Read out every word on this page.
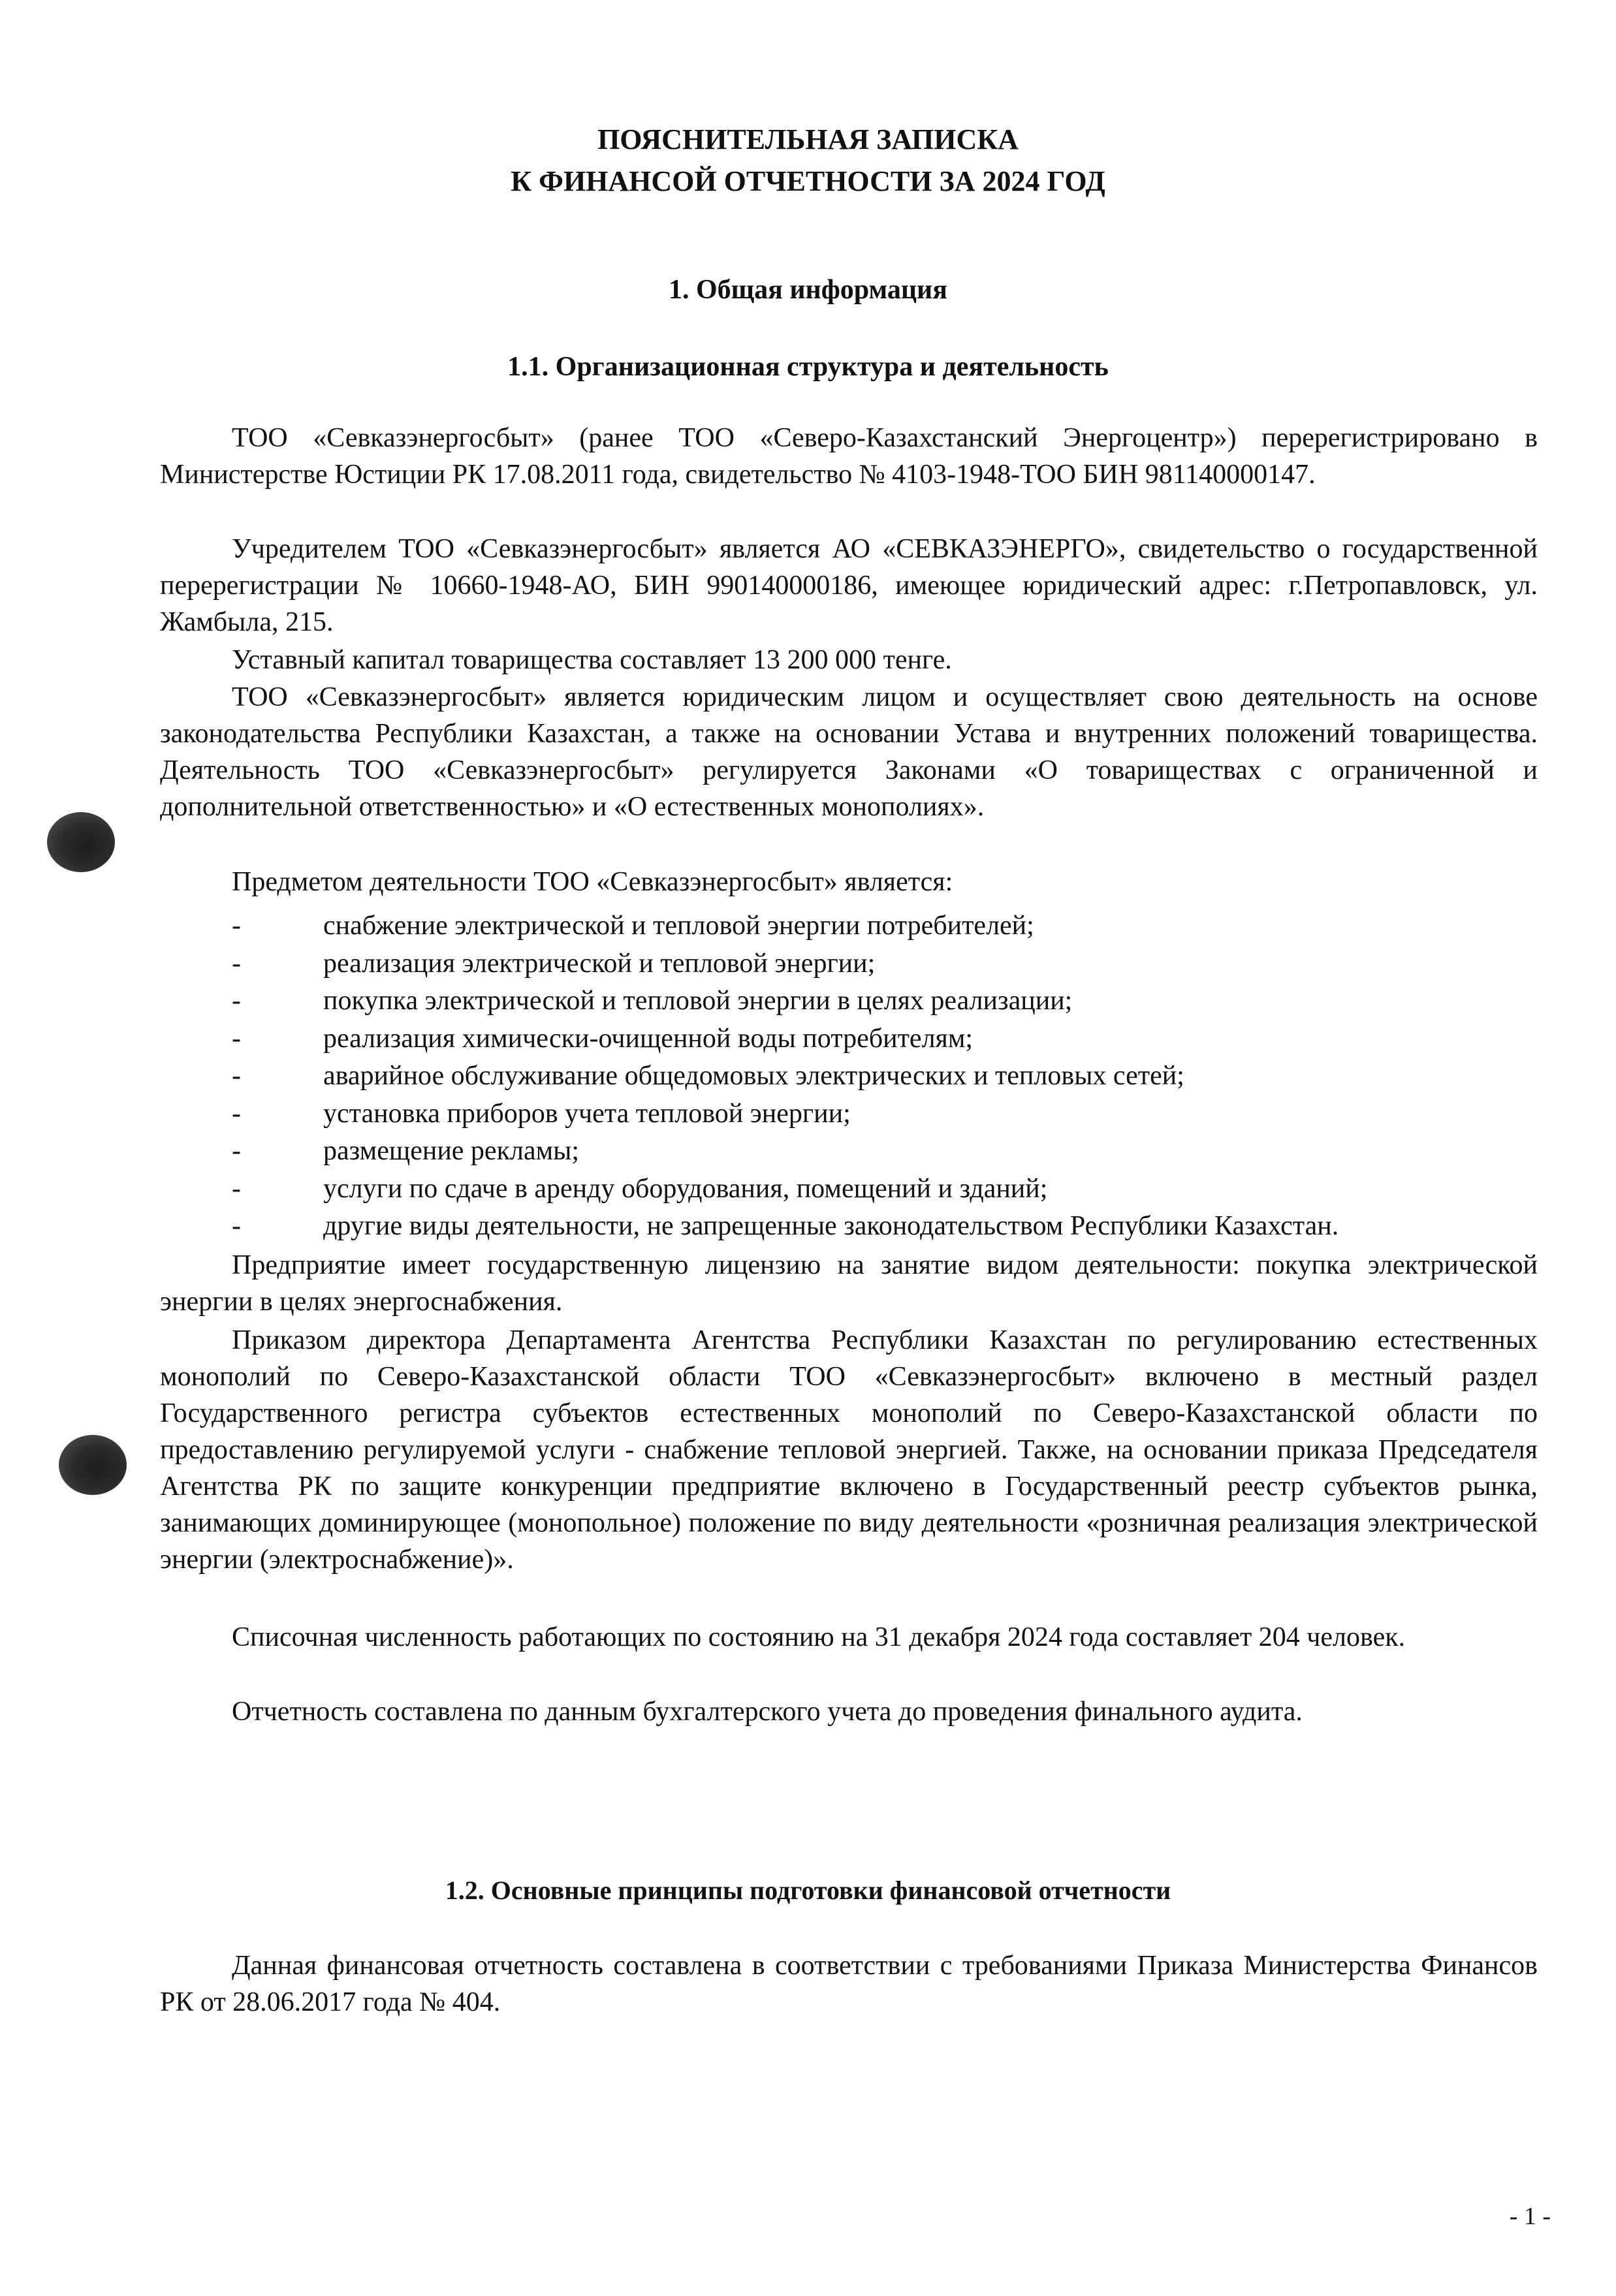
ПОЯСНИТЕЛЬНАЯ ЗАПИСКА
К ФИНАНСОЙ ОТЧЕТНОСТИ ЗА 2024 ГОД
1. Общая информация
1.1. Организационная структура и деятельность

ТОО «Севказэнергосбыт» (ранее ТОО «Северо-Казахстанский Энергоцентр») перерегистрировано в Министерстве Юстиции РК 17.08.2011 года, свидетельство № 4103-1948-ТОО БИН 981140000147.

Учредителем ТОО «Севказэнергосбыт» является АО «СЕВКАЗЭНЕРГО», свидетельство о государственной перерегистрации № 10660-1948-АО, БИН 990140000186, имеющее юридический адрес: г.Петропавловск, ул. Жамбыла, 215.

Уставный капитал товарищества составляет 13 200 000 тенге.

ТОО «Севказэнергосбыт» является юридическим лицом и осуществляет свою деятельность на основе законодательства Республики Казахстан, а также на основании Устава и внутренних положений товарищества. Деятельность ТОО «Севказэнергосбыт» регулируется Законами «О товариществах с ограниченной и дополнительной ответственностью» и «О естественных монополиях».

Предметом деятельности ТОО «Севказэнергосбыт» является:
-	снабжение электрической и тепловой энергии потребителей;
-	реализация электрической и тепловой энергии;
-	покупка электрической и тепловой энергии в целях реализации;
-	реализация химически-очищенной воды потребителям;
-	аварийное обслуживание общедомовых электрических и тепловых сетей;
-	установка приборов учета тепловой энергии;
-	размещение рекламы;
-	услуги по сдаче в аренду оборудования, помещений и зданий;
-	другие виды деятельности, не запрещенные законодательством Республики Казахстан.

Предприятие имеет государственную лицензию на занятие видом деятельности: покупка электрической энергии в целях энергоснабжения.

Приказом директора Департамента Агентства Республики Казахстан по регулированию естественных монополий по Северо-Казахстанской области ТОО «Севказэнергосбыт» включено в местный раздел Государственного регистра субъектов естественных монополий по Северо-Казахстанской области по предоставлению регулируемой услуги - снабжение тепловой энергией. Также, на основании приказа Председателя Агентства РК по защите конкуренции предприятие включено в Государственный реестр субъектов рынка, занимающих доминирующее (монопольное) положение по виду деятельности «розничная реализация электрической энергии (электроснабжение)».

Списочная численность работающих по состоянию на 31 декабря 2024 года составляет 204 человек.

Отчетность составлена по данным бухгалтерского учета до проведения финального аудита.

1.2. Основные принципы подготовки финансовой отчетности

Данная финансовая отчетность составлена в соответствии с требованиями Приказа Министерства Финансов РК от 28.06.2017 года № 404.

- 1 -
